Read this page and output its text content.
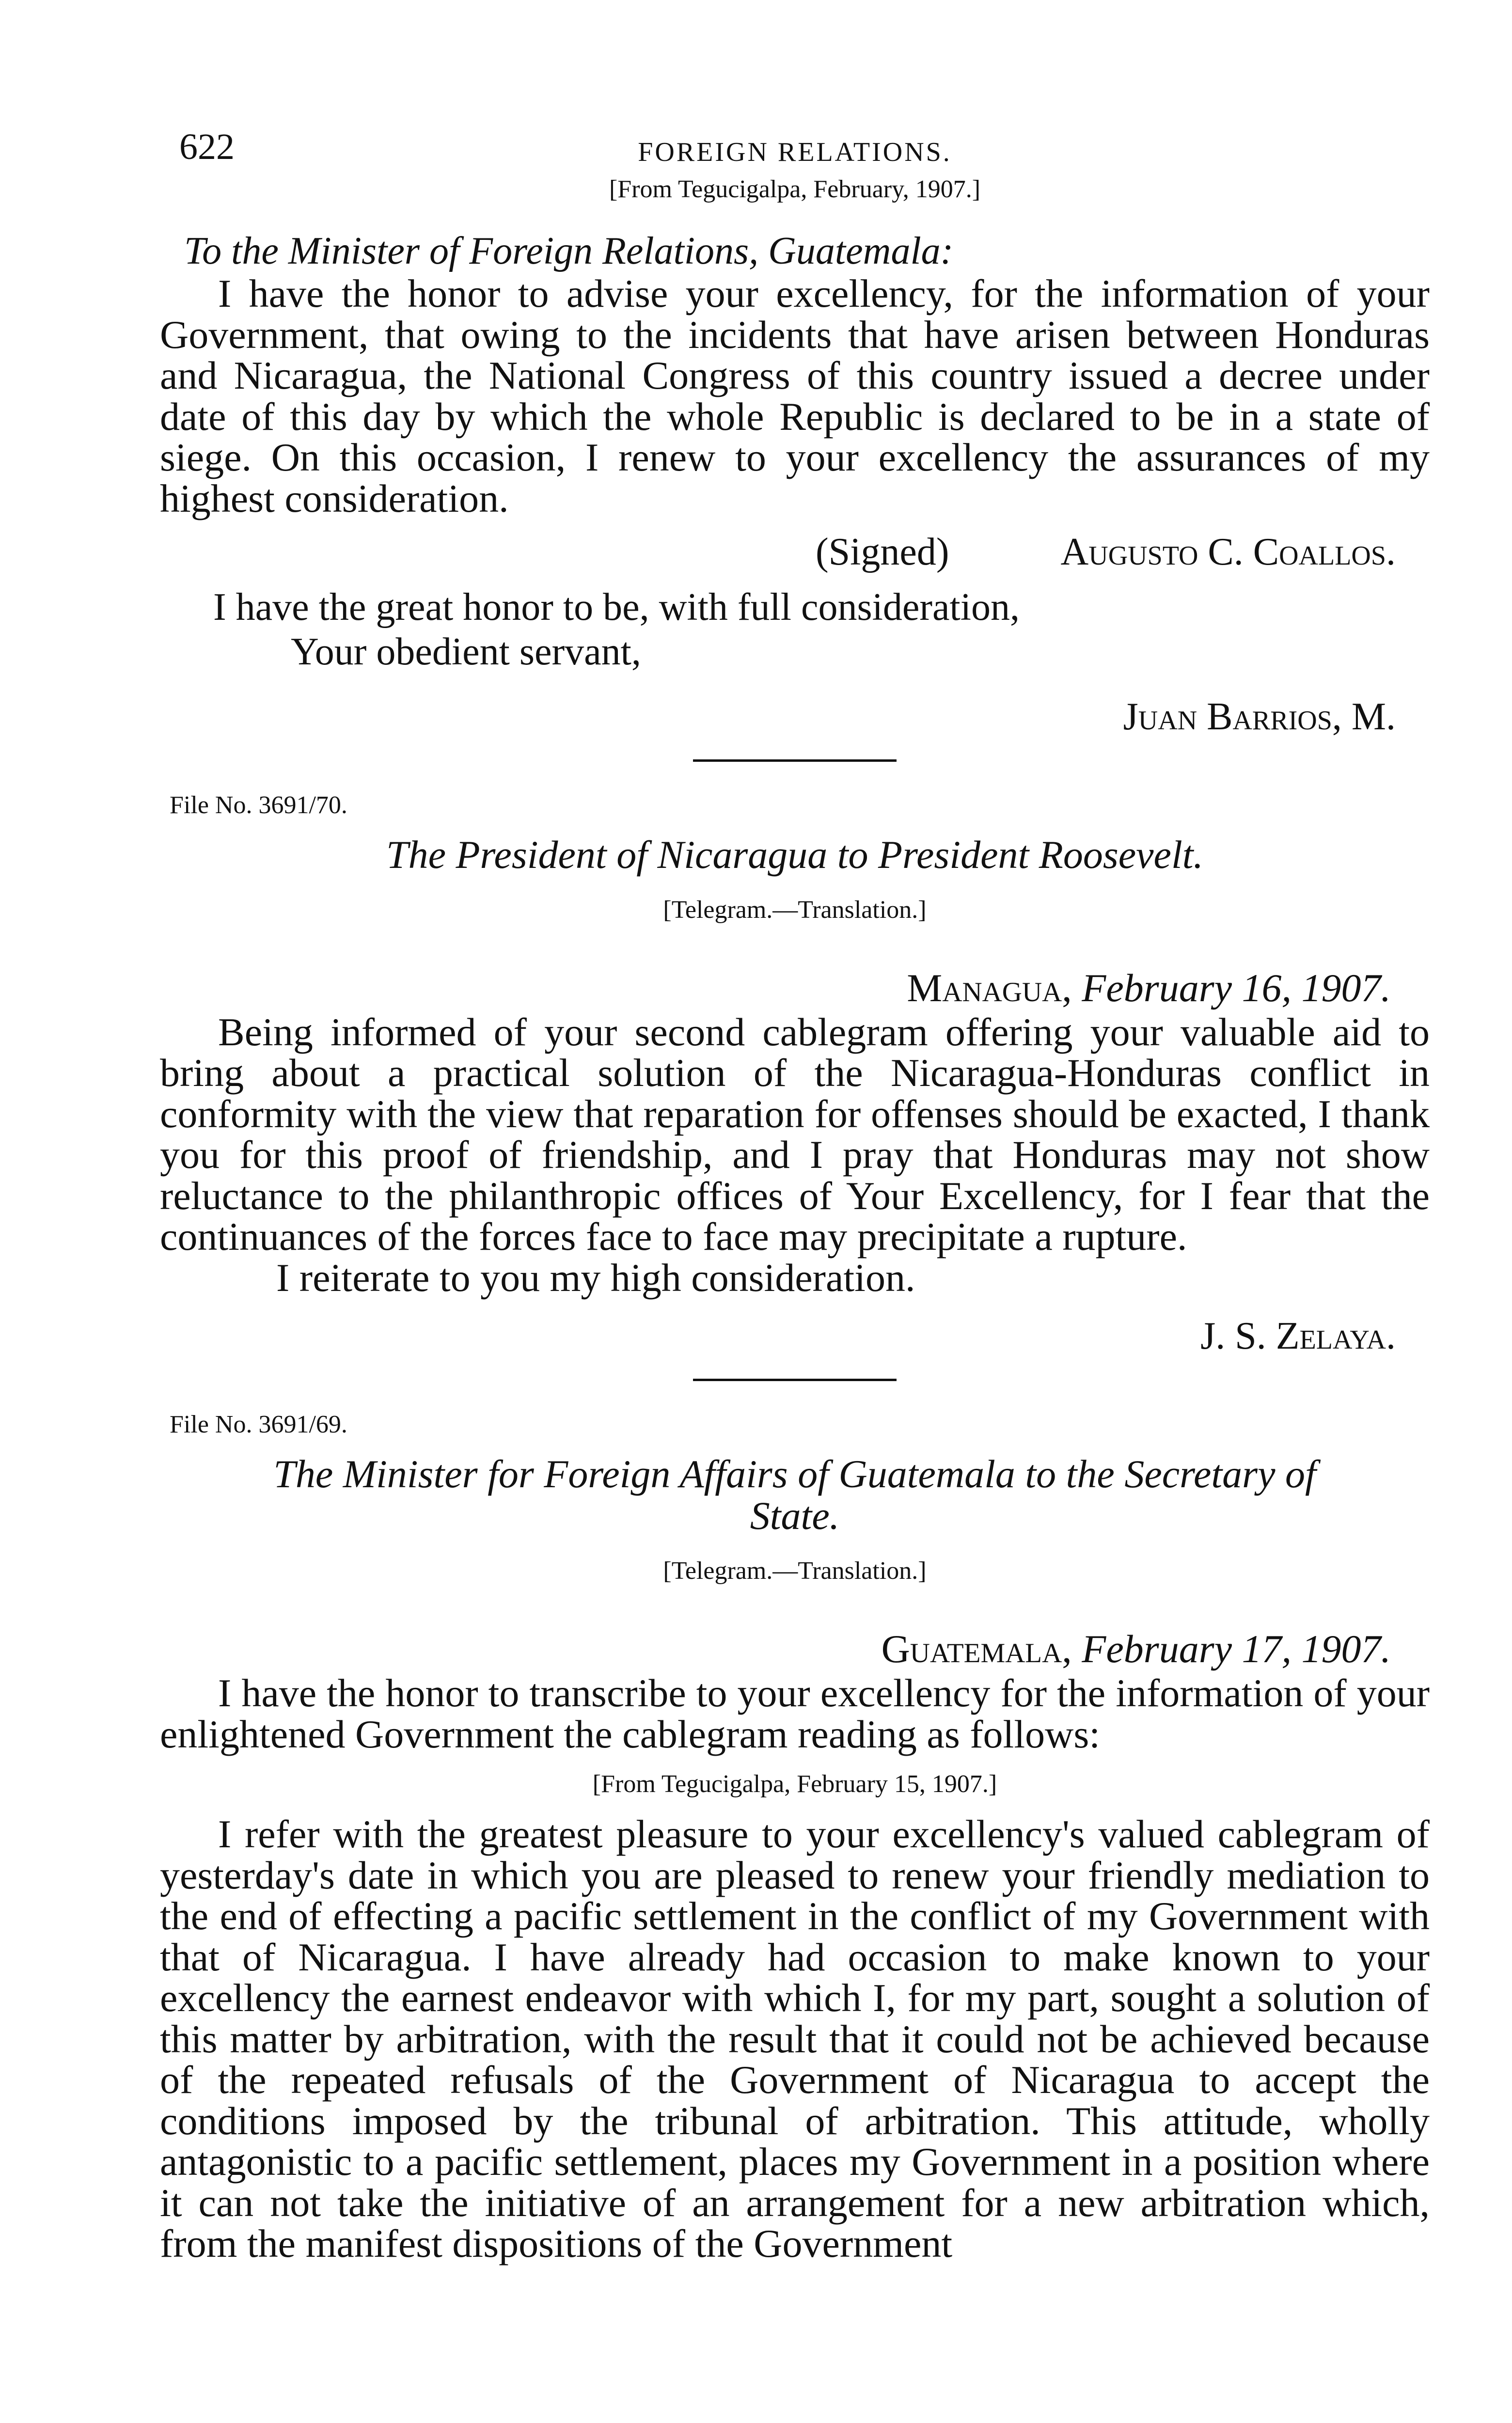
622	FOREIGN RELATIONS.
[From Tegucigalpa, February, 1907.]
To the Minister of Foreign Relations, Guatemala:

I have the honor to advise your excellency, for the information of your Government, that owing to the incidents that have arisen between Honduras and Nicaragua, the National Congress of this country issued a decree under date of this day by which the whole Republic is declared to be in a state of siege. On this occasion, I renew to your excellency the assurances of my highest consideration.

(Signed)	Augusto C. Coallos.
I have the great honor to be, with full consideration,
Your obedient servant,
Juan Barrios, M.
File No. 3691/70.
The President of Nicaragua to President Roosevelt.
[Telegram.—Translation.]
Managua, February 16, 1907.

Being informed of your second cablegram offering your valuable aid to bring about a practical solution of the Nicaragua-Honduras conflict in conformity with the view that reparation for offenses should be exacted, I thank you for this proof of friendship, and I pray that Honduras may not show reluctance to the philanthropic offices of Your Excellency, for I fear that the continuances of the forces face to face may precipitate a rupture.

I reiterate to you my high consideration.

J. S. Zelaya.
File No. 3691/69.
The Minister for Foreign Affairs of Guatemala to the Secretary of
State.
[Telegram.—Translation.]
Guatemala, February 17, 1907.

I have the honor to transcribe to your excellency for the information of your enlightened Government the cablegram reading as follows:

[From Tegucigalpa, February 15, 1907.]

I refer with the greatest pleasure to your excellency's valued cablegram of yesterday's date in which you are pleased to renew your friendly mediation to the end of effecting a pacific settlement in the conflict of my Government with that of Nicaragua. I have already had occasion to make known to your excellency the earnest endeavor with which I, for my part, sought a solution of this matter by arbitration, with the result that it could not be achieved because of the repeated refusals of the Government of Nicaragua to accept the conditions imposed by the tribunal of arbitration. This attitude, wholly antagonistic to a pacific settlement, places my Government in a position where it can not take the initiative of an arrangement for a new arbitration which, from the manifest dispositions of the Government
